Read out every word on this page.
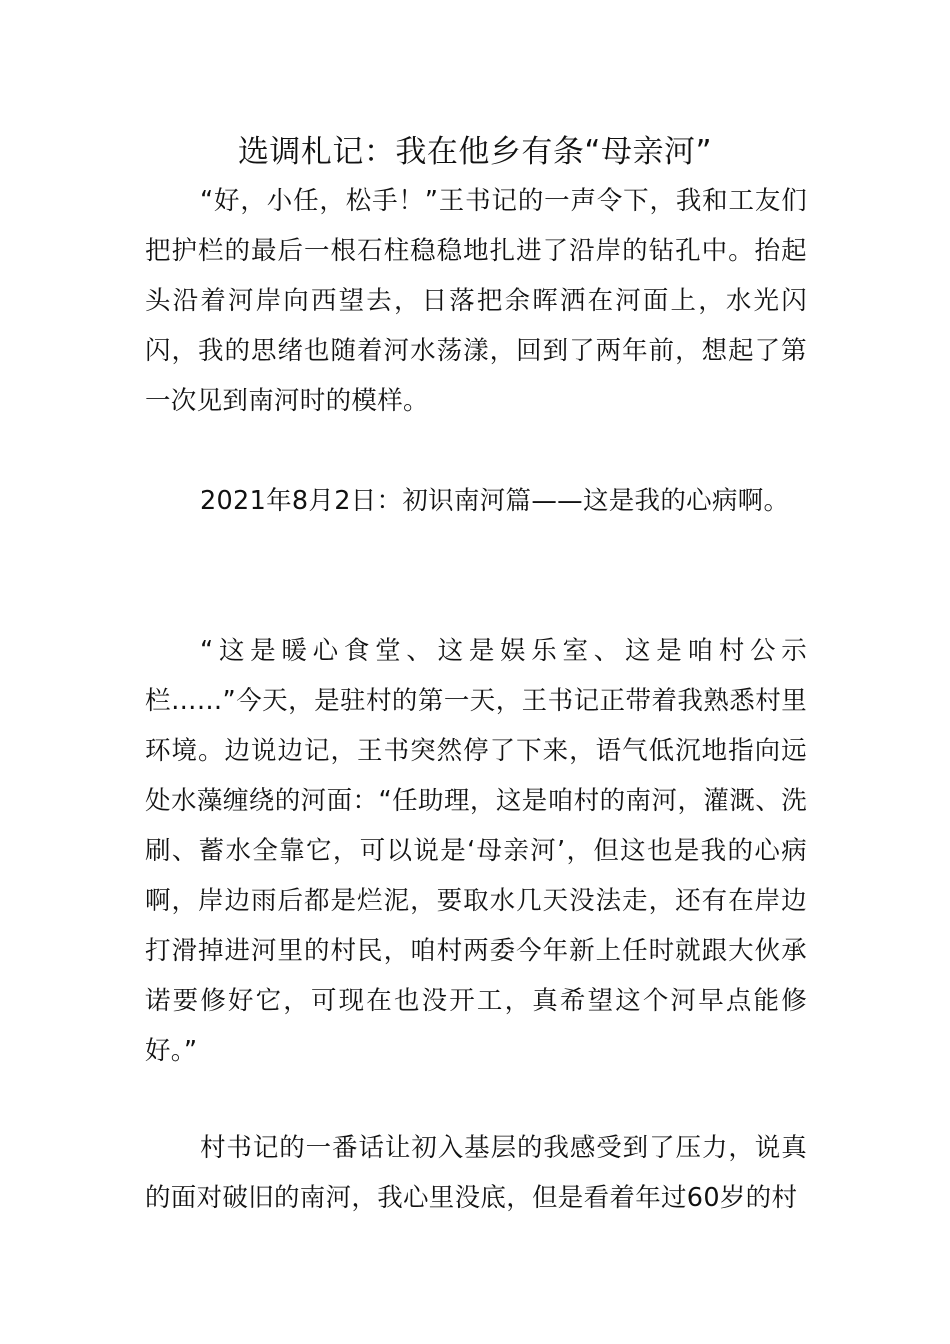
选调札记：我在他乡有条“母亲河”

“好，小任，松手！”王书记的一声令下，我和工友们把护栏的最后一根石柱稳稳地扎进了沿岸的钻孔中。抬起头沿着河岸向西望去，日落把余晖洒在河面上，水光闪闪，我的思绪也随着河水荡漾，回到了两年前，想起了第一次见到南河时的模样。

2021年8月2日：初识南河篇——这是我的心病啊。

“这是暖心食堂、这是娱乐室、这是咱村公示栏……”今天，是驻村的第一天，王书记正带着我熟悉村里环境。边说边记，王书突然停了下来，语气低沉地指向远处水藻缠绕的河面：“任助理，这是咱村的南河，灌溉、洗刷、蓄水全靠它，可以说是‘母亲河’，但这也是我的心病啊，岸边雨后都是烂泥，要取水几天没法走，还有在岸边打滑掉进河里的村民，咱村两委今年新上任时就跟大伙承诺要修好它，可现在也没开工，真希望这个河早点能修好。”

村书记的一番话让初入基层的我感受到了压力，说真的面对破旧的南河，我心里没底，但是看着年过60岁的村
